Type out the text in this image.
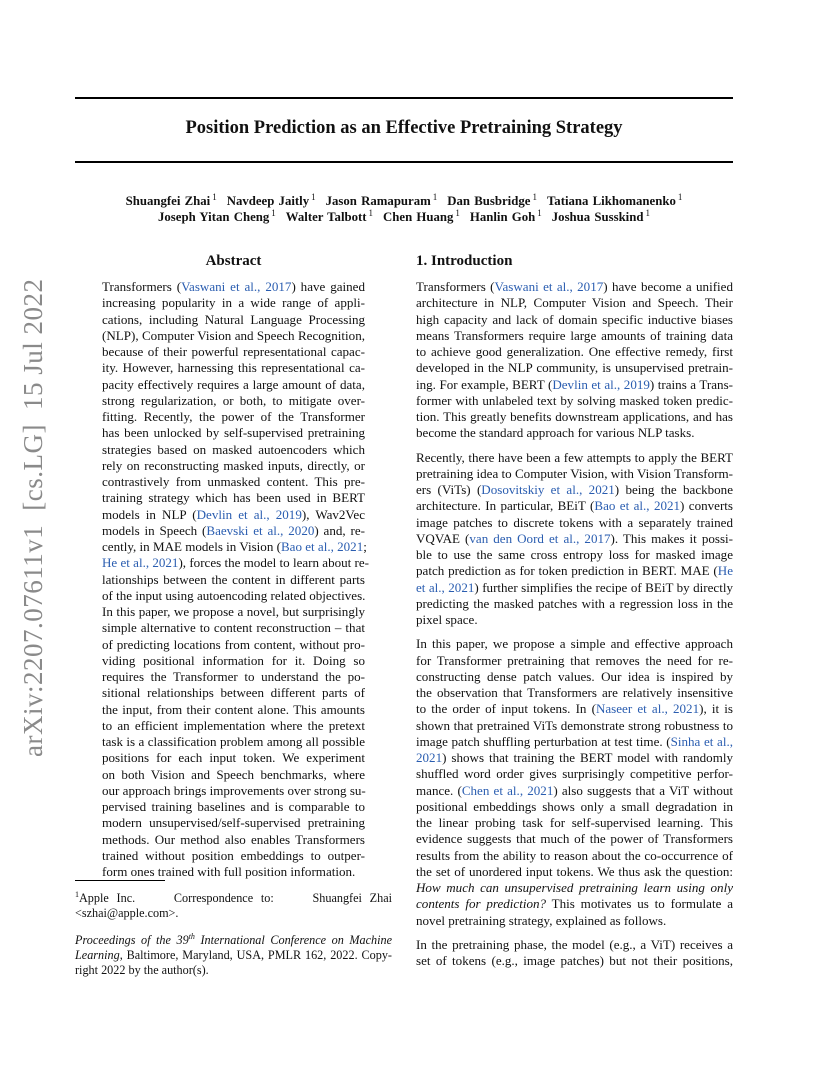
arXiv:2207.07611v1[cs.LG]15 Jul 2022
Position Prediction as an Effective Pretraining Strategy
Shuangfei Zhai $^1$ Navdeep Jaitly $^1$ Jason Ramapuram $^1$ Dan Busbridge $^1$ Tatiana Likhomanenko $^1$
Joseph Yitan Cheng $^1$ Walter Talbott $^1$ Chen Huang $^1$ Hanlin Goh $^1$ Joshua Susskind $^1$
Abstract
Transformers (Vaswani et al., 2017) have gained
increasing popularity in a wide range of appli-
cations, including Natural Language Processing
(NLP), Computer Vision and Speech Recognition,
because of their powerful representational capac-
ity. However, harnessing this representational ca-
pacity effectively requires a large amount of data,
strong regularization, or both, to mitigate over-
fitting. Recently, the power of the Transformer
has been unlocked by self-supervised pretraining
strategies based on masked autoencoders which
rely on reconstructing masked inputs, directly, or
contrastively from unmasked content. This pre-
training strategy which has been used in BERT
models in NLP (Devlin et al., 2019), Wav2Vec
models in Speech (Baevski et al., 2020) and, re-
cently, in MAE models in Vision (Bao et al., 2021;
He et al., 2021), forces the model to learn about re-
lationships between the content in different parts
of the input using autoencoding related objectives.
In this paper, we propose a novel, but surprisingly
simple alternative to content reconstruction – that
of predicting locations from content, without pro-
viding positional information for it. Doing so
requires the Transformer to understand the po-
sitional relationships between different parts of
the input, from their content alone. This amounts
to an efficient implementation where the pretext
task is a classification problem among all possible
positions for each input token. We experiment
on both Vision and Speech benchmarks, where
our approach brings improvements over strong su-
pervised training baselines and is comparable to
modern unsupervised/self-supervised pretraining
methods. Our method also enables Transformers
trained without position embeddings to outper-
form ones trained with full position information.
$^1$Apple Inc.     Correspondence to:     Shuangfei Zhai
<szhai@apple.com>.
Proceedings of the 39th International Conference on Machine
Learning, Baltimore, Maryland, USA, PMLR 162, 2022. Copy-
right 2022 by the author(s).
1. Introduction

Transformers (Vaswani et al., 2017) have become a unified
architecture in NLP, Computer Vision and Speech. Their
high capacity and lack of domain specific inductive biases
means Transformers require large amounts of training data
to achieve good generalization. One effective remedy, first
developed in the NLP community, is unsupervised pretrain-
ing. For example, BERT (Devlin et al., 2019) trains a Trans-
former with unlabeled text by solving masked token predic-
tion. This greatly benefits downstream applications, and has
become the standard approach for various NLP tasks.

Recently, there have been a few attempts to apply the BERT
pretraining idea to Computer Vision, with Vision Transform-
ers (ViTs) (Dosovitskiy et al., 2021) being the backbone
architecture. In particular, BEiT (Bao et al., 2021) converts
image patches to discrete tokens with a separately trained
VQVAE (van den Oord et al., 2017). This makes it possi-
ble to use the same cross entropy loss for masked image
patch prediction as for token prediction in BERT. MAE (He
et al., 2021) further simplifies the recipe of BEiT by directly
predicting the masked patches with a regression loss in the
pixel space.

In this paper, we propose a simple and effective approach
for Transformer pretraining that removes the need for re-
constructing dense patch values. Our idea is inspired by
the observation that Transformers are relatively insensitive
to the order of input tokens. In (Naseer et al., 2021), it is
shown that pretrained ViTs demonstrate strong robustness to
image patch shuffling perturbation at test time. (Sinha et al.,
2021) shows that training the BERT model with randomly
shuffled word order gives surprisingly competitive perfor-
mance. (Chen et al., 2021) also suggests that a ViT without
positional embeddings shows only a small degradation in
the linear probing task for self-supervised learning. This
evidence suggests that much of the power of Transformers
results from the ability to reason about the co-occurrence of
the set of unordered input tokens. We thus ask the question:
How much can unsupervised pretraining learn using only
contents for prediction? This motivates us to formulate a
novel pretraining strategy, explained as follows.

In the pretraining phase, the model (e.g., a ViT) receives a
set of tokens (e.g., image patches) but not their positions,
